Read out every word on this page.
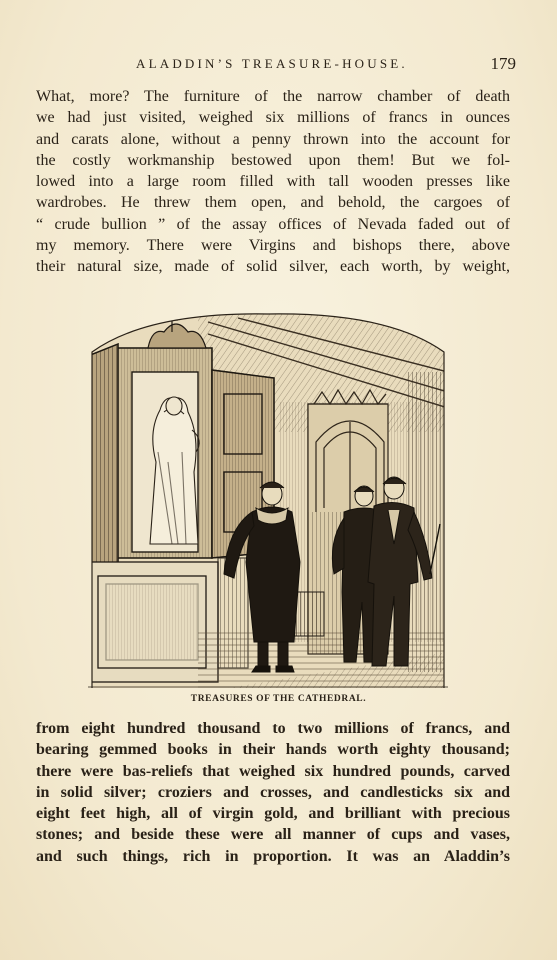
ALADDIN’S TREASURE-HOUSE.	179
What, more? The furniture of the narrow chamber of death
we had just visited, weighed six millions of francs in ounces
and carats alone, without a penny thrown into the account for
the costly workmanship bestowed upon them! But we fol-
lowed into a large room filled with tall wooden presses like
wardrobes. He threw them open, and behold, the cargoes of
“ crude bullion ” of the assay offices of Nevada faded out of
my memory. There were Virgins and bishops there, above
their natural size, made of solid silver, each worth, by weight,
TREASURES OF THE CATHEDRAL.
from eight hundred thousand to two millions of francs, and
bearing gemmed books in their hands worth eighty thousand;
there were bas-reliefs that weighed six hundred pounds, carved
in solid silver; croziers and crosses, and candlesticks six and
eight feet high, all of virgin gold, and brilliant with precious
stones; and beside these were all manner of cups and vases,
and such things, rich in proportion. It was an Aladdin’s
